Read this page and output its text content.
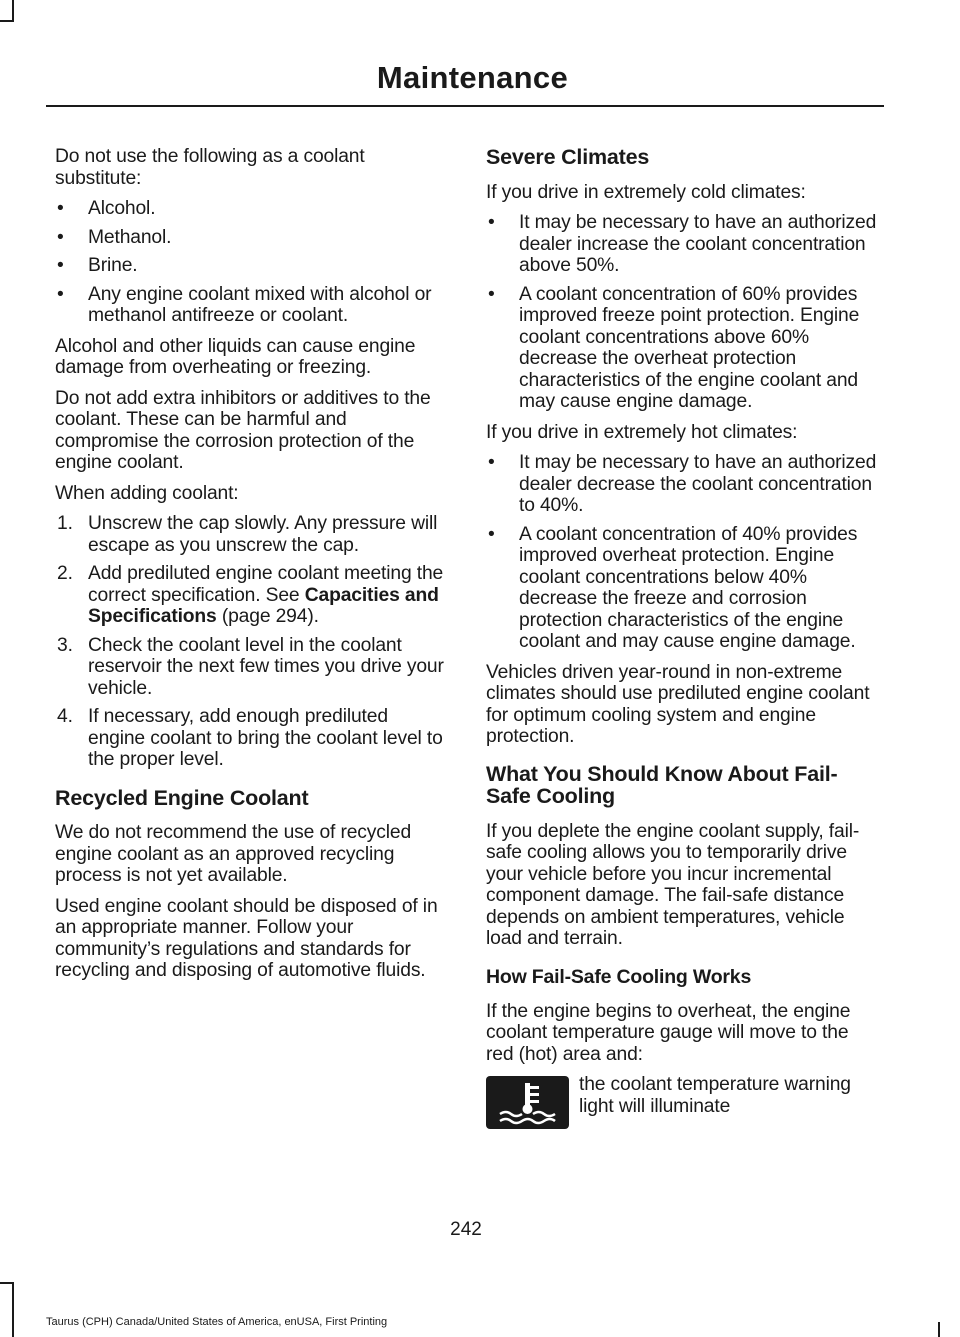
Maintenance

Do not use the following as a coolant substitute:

• Alcohol.
• Methanol.
• Brine.
• Any engine coolant mixed with alcohol or methanol antifreeze or coolant.

Alcohol and other liquids can cause engine damage from overheating or freezing.

Do not add extra inhibitors or additives to the coolant. These can be harmful and compromise the corrosion protection of the engine coolant.

When adding coolant:

1. Unscrew the cap slowly. Any pressure will escape as you unscrew the cap.
2. Add prediluted engine coolant meeting the correct specification. See Capacities and Specifications (page 294).
3. Check the coolant level in the coolant reservoir the next few times you drive your vehicle.
4. If necessary, add enough prediluted engine coolant to bring the coolant level to the proper level.
Recycled Engine Coolant

We do not recommend the use of recycled engine coolant as an approved recycling process is not yet available.

Used engine coolant should be disposed of in an appropriate manner. Follow your community’s regulations and standards for recycling and disposing of automotive fluids.

Severe Climates

If you drive in extremely cold climates:

• It may be necessary to have an authorized dealer increase the coolant concentration above 50%.
• A coolant concentration of 60% provides improved freeze point protection. Engine coolant concentrations above 60% decrease the overheat protection characteristics of the engine coolant and may cause engine damage.

If you drive in extremely hot climates:

• It may be necessary to have an authorized dealer decrease the coolant concentration to 40%.
• A coolant concentration of 40% provides improved overheat protection. Engine coolant concentrations below 40% decrease the freeze and corrosion protection characteristics of the engine coolant and may cause engine damage.

Vehicles driven year-round in non-extreme climates should use prediluted engine coolant for optimum cooling system and engine protection.

What You Should Know About Fail-Safe Cooling

If you deplete the engine coolant supply, fail-safe cooling allows you to temporarily drive your vehicle before you incur incremental component damage. The fail-safe distance depends on ambient temperatures, vehicle load and terrain.

How Fail-Safe Cooling Works

If the engine begins to overheat, the engine coolant temperature gauge will move to the red (hot) area and:

the coolant temperature warning light will illuminate
242
Taurus (CPH) Canada/United States of America, enUSA, First Printing
